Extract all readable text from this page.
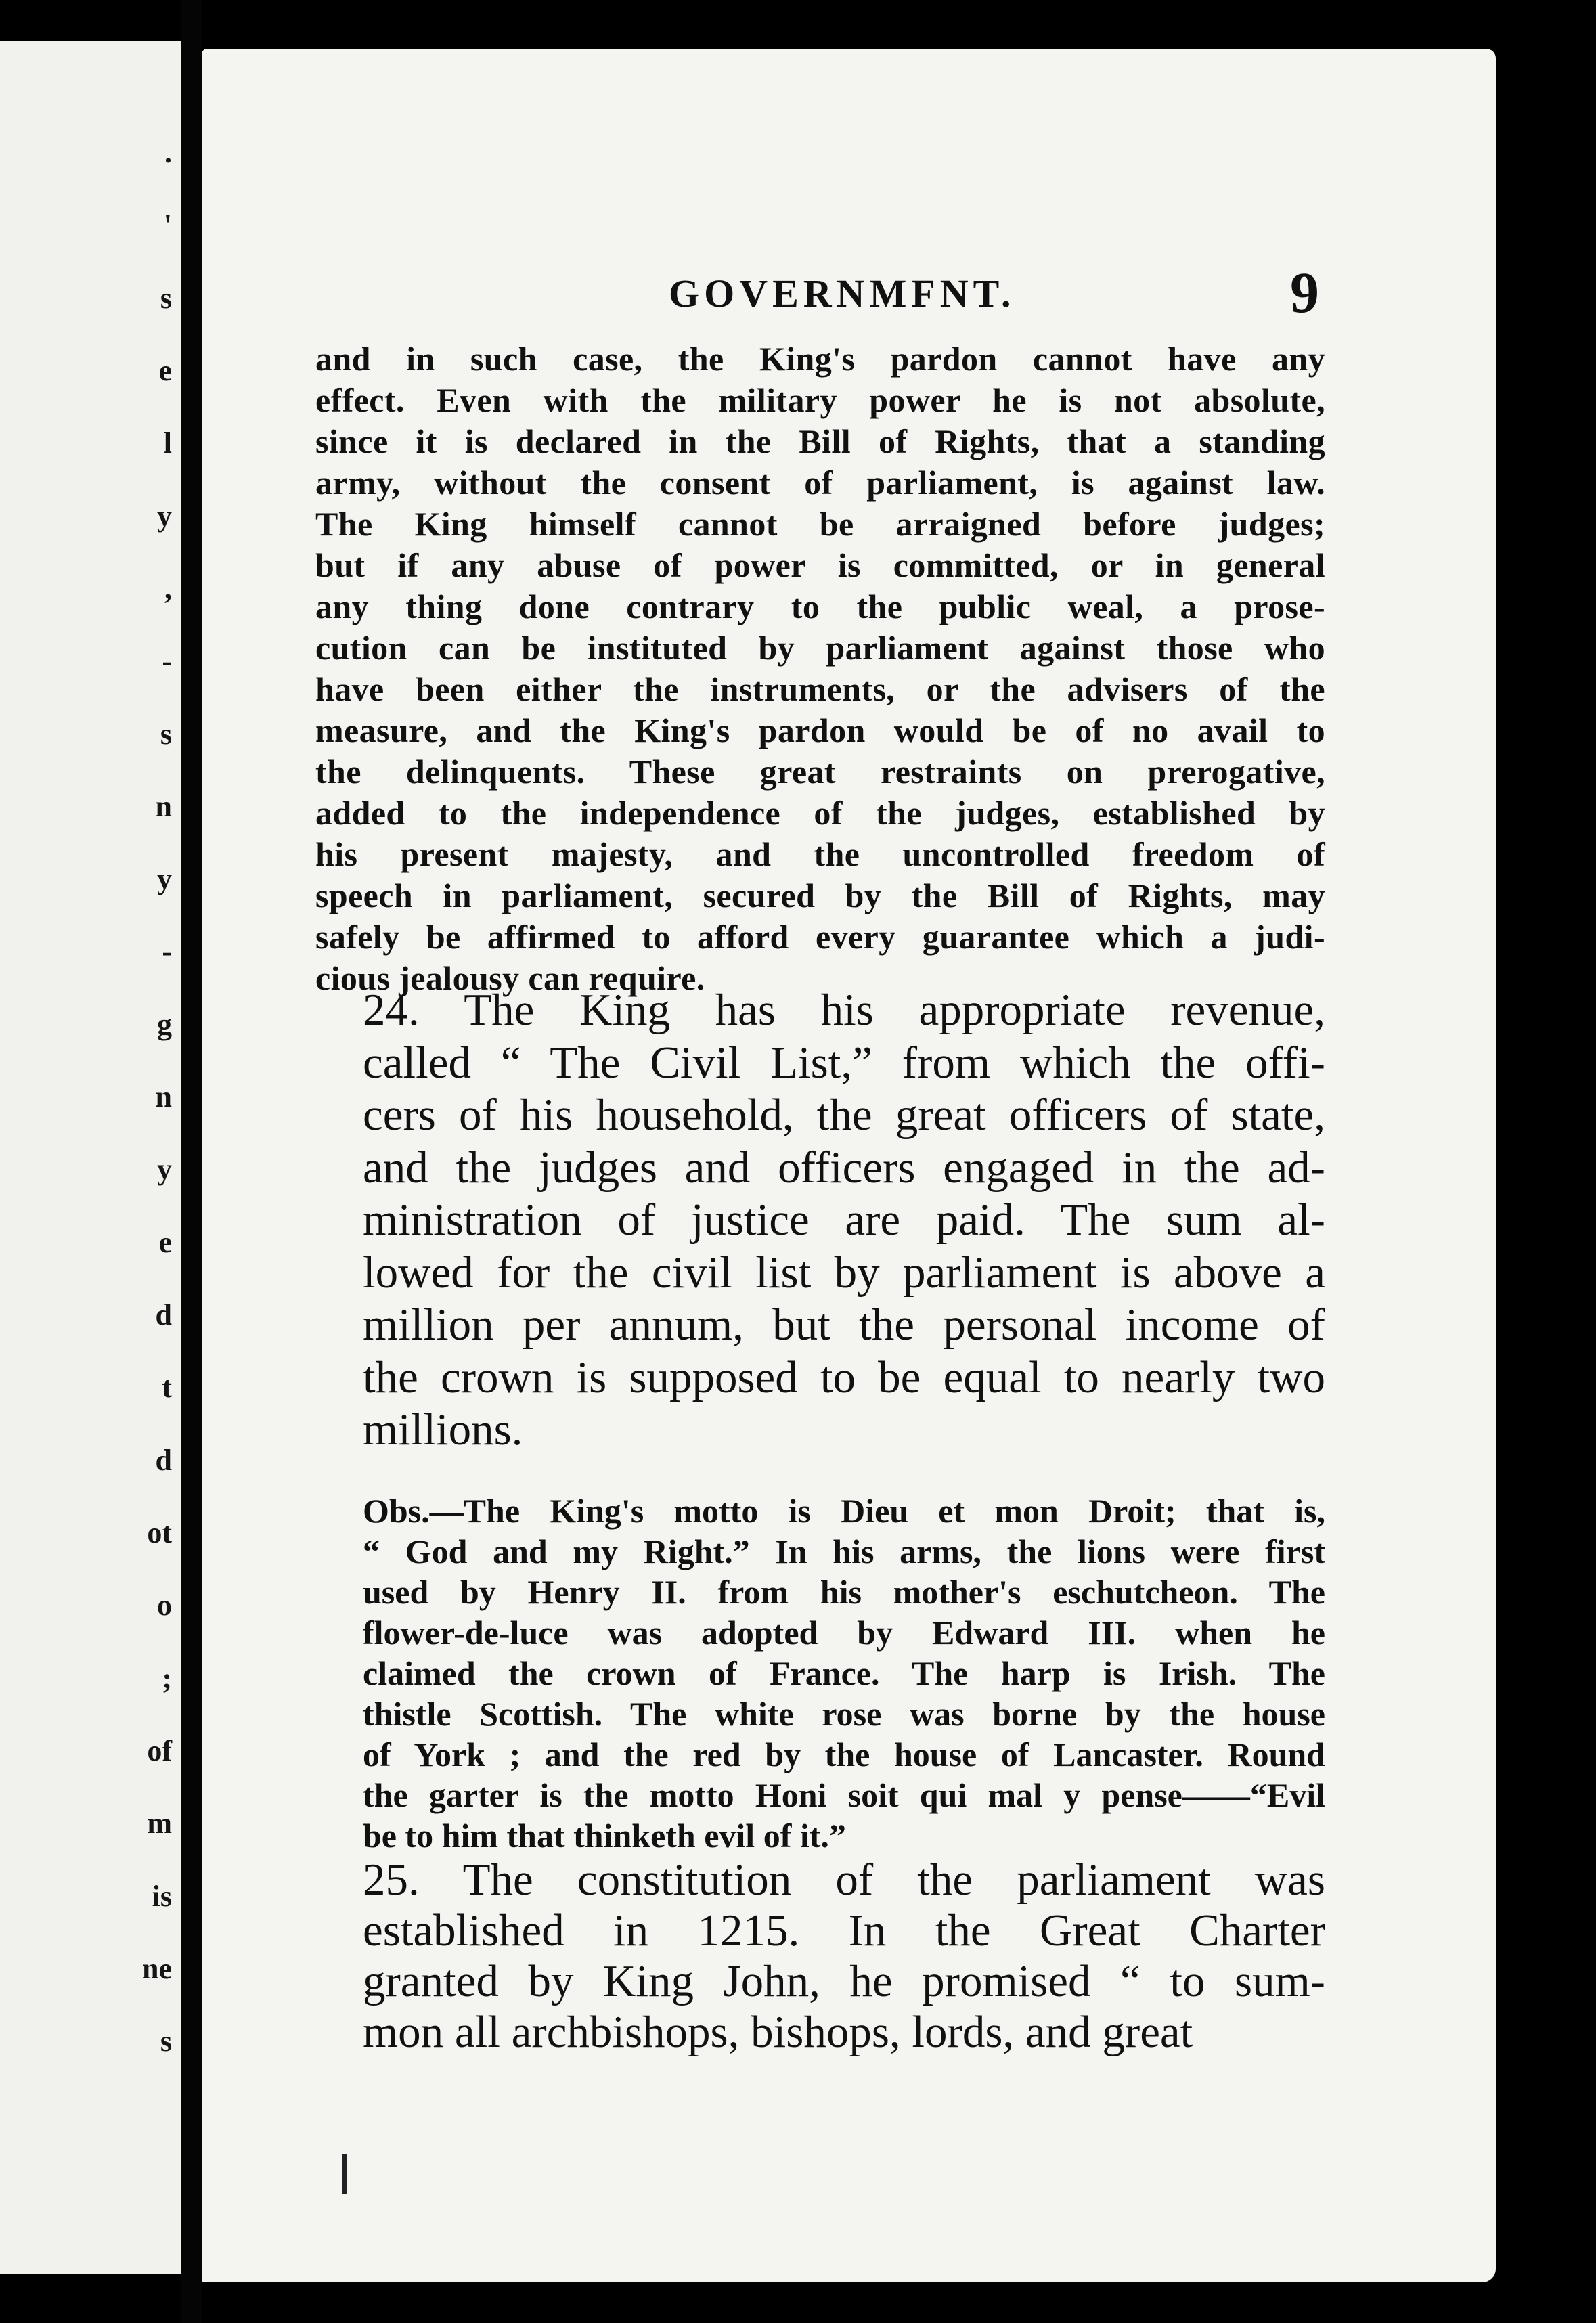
.
'
s
e
l
y
,
-
s
n
y
-
g
n
y
e
d
t
d
ot
o
;
of
m
is
ne
s
GOVERNMFNT.	9
and in such case, the King's pardon cannot have any
effect. Even with the military power he is not absolute,
since it is declared in the Bill of Rights, that a standing
army, without the consent of parliament, is against law.
The King himself cannot be arraigned before judges;
but if any abuse of power is committed, or in general
any thing done contrary to the public weal, a prose-
cution can be instituted by parliament against those who
have been either the instruments, or the advisers of the
measure, and the King's pardon would be of no avail to
the delinquents. These great restraints on prerogative,
added to the independence of the judges, established by
his present majesty, and the uncontrolled freedom of
speech in parliament, secured by the Bill of Rights, may
safely be affirmed to afford every guarantee which a judi-
cious jealousy can require.
24. The King has his appropriate revenue,
called “ The Civil List,” from which the offi-
cers of his household, the great officers of state,
and the judges and officers engaged in the ad-
ministration of justice are paid. The sum al-
lowed for the civil list by parliament is above a
million per annum, but the personal income of
the crown is supposed to be equal to nearly two
millions.
Obs.—The King's motto is Dieu et mon Droit; that is,
“ God and my Right.” In his arms, the lions were first
used by Henry II. from his mother's eschutcheon. The
flower-de-luce was adopted by Edward III. when he
claimed the crown of France. The harp is Irish. The
thistle Scottish. The white rose was borne by the house
of York ; and the red by the house of Lancaster. Round
the garter is the motto Honi soit qui mal y pense——“Evil
be to him that thinketh evil of it.”
25. The constitution of the parliament was
established in 1215. In the Great Charter
granted by King John, he promised “ to sum-
mon all archbishops, bishops, lords, and great
